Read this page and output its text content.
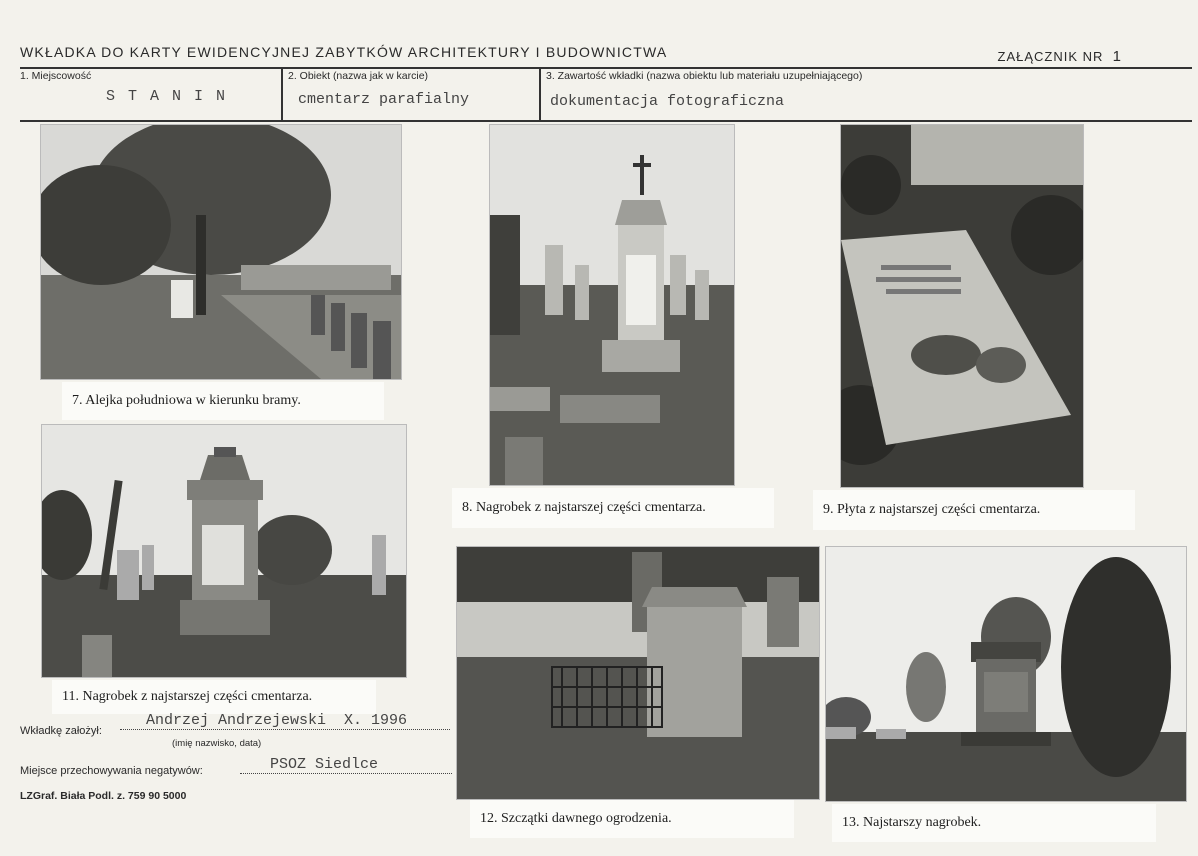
WKŁADKA DO KARTY EWIDENCYJNEJ ZABYTKÓW ARCHITEKTURY I BUDOWNICTWA	ZAŁĄCZNIK NR 1
1. Miejscowość
S T A N I N
2. Obiekt (nazwa jak w karcie)
cmentarz parafialny
3. Zawartość wkładki (nazwa obiektu lub materiału uzupełniającego)
dokumentacja fotograficzna
7. Alejka południowa w kierunku bramy.
8. Nagrobek z najstarszej części cmentarza.	9. Płyta z najstarszej części cmentarza.
11. Nagrobek z najstarszej części cmentarza.
12. Szczątki dawnego ogrodzenia.	13. Najstarszy nagrobek.
Wkładkę założył:
Andrzej Andrzejewski  X. 1996
(imię nazwisko, data)
Miejsce przechowywania negatywów:	PSOZ Siedlce
LZGraf. Biała Podl. z. 759 90 5000
